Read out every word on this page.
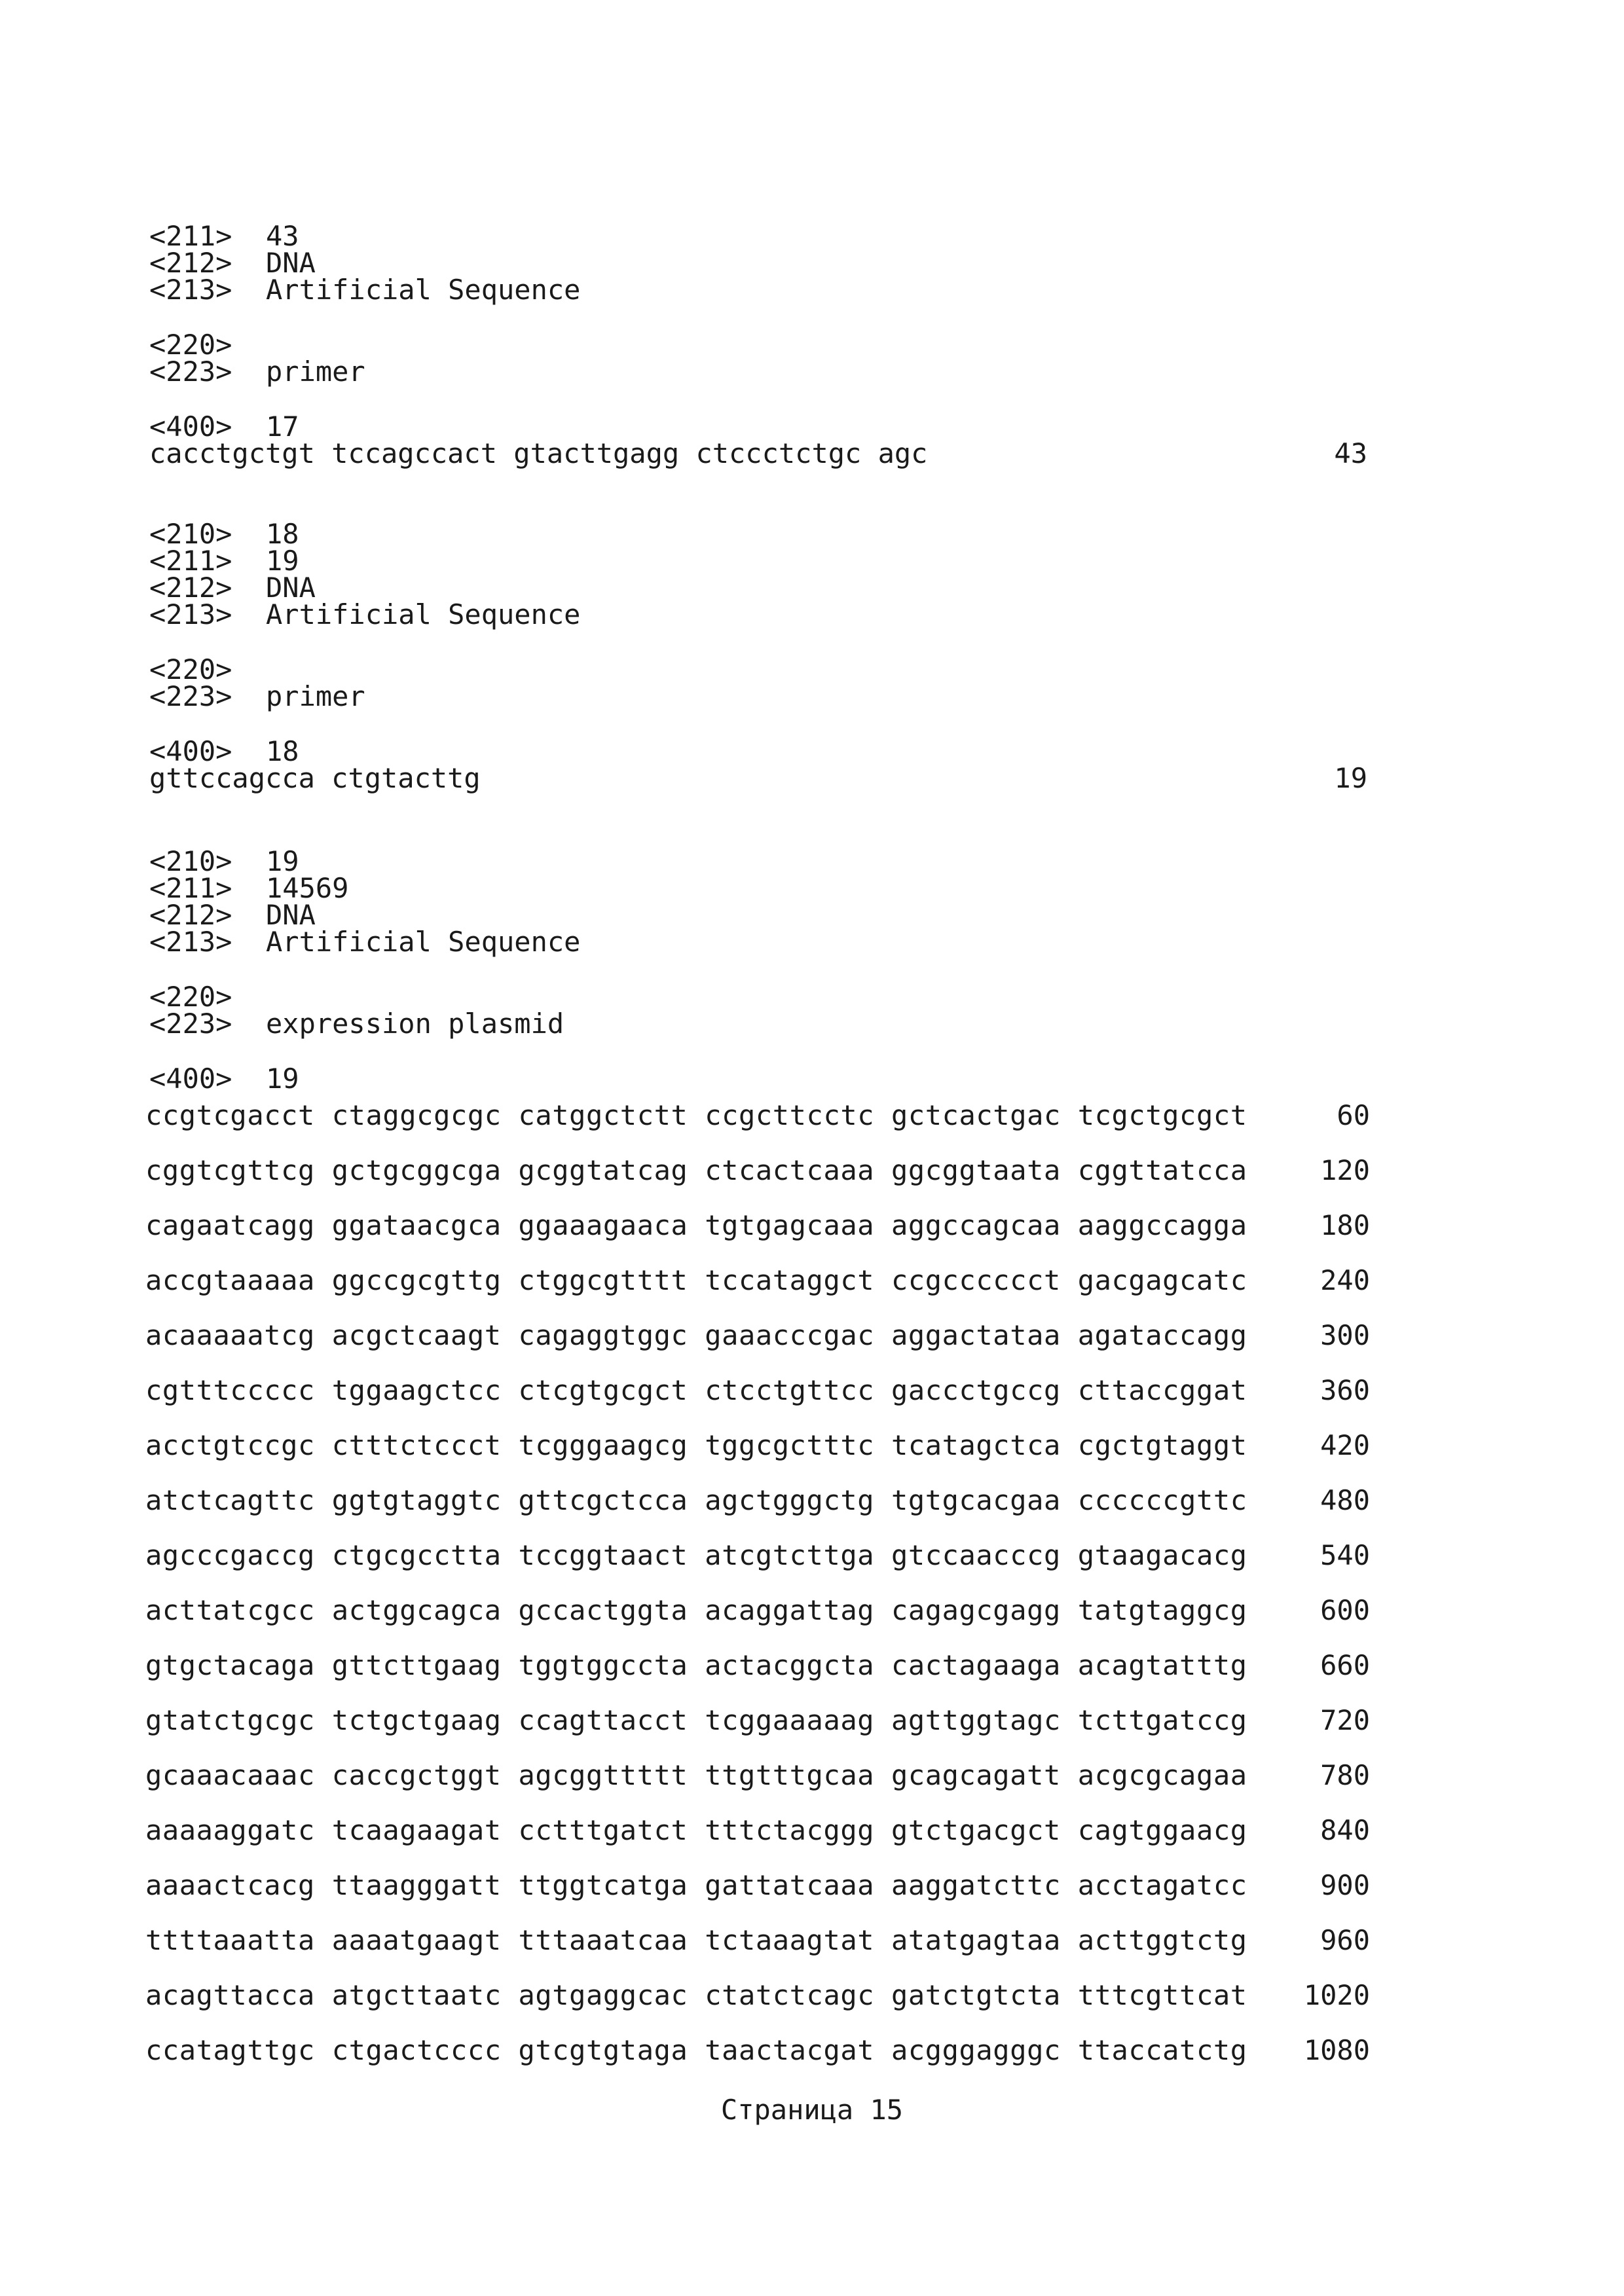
<211>	43
<212>	DNA
<213>	Artificial Sequence
<220>
<223>	primer
<400>	17

cacctgctgt tccagccact gtacttgagg ctccctctgc agc

	43

<210>	18
<211>	19
<212>	DNA
<213>	Artificial Sequence
<220>
<223>	primer
<400>	18

gttccagcca ctgtacttg

	19

<210>	19
<211>	14569
<212>	DNA
<213>	Artificial Sequence
<220>
<223>	expression plasmid
<400>	19
ccgtcgacct ctaggcgcgc catggctctt ccgcttcctc gctcactgac tcgctgcgct	60
cggtcgttcg gctgcggcga gcggtatcag ctcactcaaa ggcggtaata cggttatcca	120
cagaatcagg ggataacgca ggaaagaaca tgtgagcaaa aggccagcaa aaggccagga	180
accgtaaaaa ggccgcgttg ctggcgtttt tccataggct ccgcccccct gacgagcatc	240
acaaaaatcg acgctcaagt cagaggtggc gaaacccgac aggactataa agataccagg	300
cgtttccccc tggaagctcc ctcgtgcgct ctcctgttcc gaccctgccg cttaccggat	360
acctgtccgc ctttctccct tcgggaagcg tggcgctttc tcatagctca cgctgtaggt	420
atctcagttc ggtgtaggtc gttcgctcca agctgggctg tgtgcacgaa ccccccgttc	480
agcccgaccg ctgcgcctta tccggtaact atcgtcttga gtccaacccg gtaagacacg	540
acttatcgcc actggcagca gccactggta acaggattag cagagcgagg tatgtaggcg	600
gtgctacaga gttcttgaag tggtggccta actacggcta cactagaaga acagtatttg	660
gtatctgcgc tctgctgaag ccagttacct tcggaaaaag agttggtagc tcttgatccg	720
gcaaacaaac caccgctggt agcggttttt ttgtttgcaa gcagcagatt acgcgcagaa	780
aaaaaggatc tcaagaagat cctttgatct tttctacggg gtctgacgct cagtggaacg	840
aaaactcacg ttaagggatt ttggtcatga gattatcaaa aaggatcttc acctagatcc	900
ttttaaatta aaaatgaagt tttaaatcaa tctaaagtat atatgagtaa acttggtctg	960
acagttacca atgcttaatc agtgaggcac ctatctcagc gatctgtcta tttcgttcat	1020
ccatagttgc ctgactcccc gtcgtgtaga taactacgat acgggagggc ttaccatctg	1080
Страница 15
